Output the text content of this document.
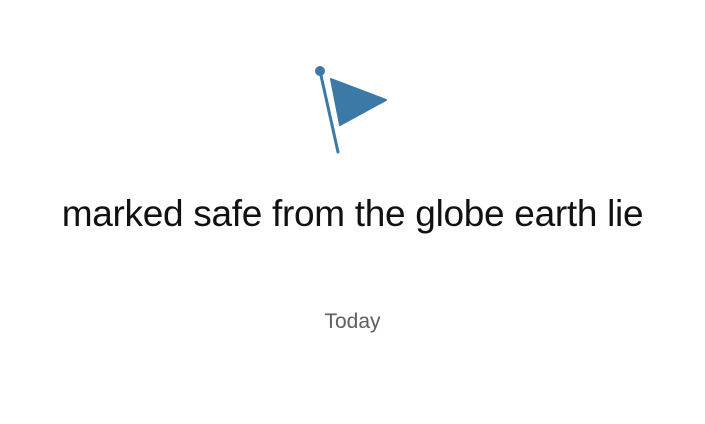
marked safe from the globe earth lie
Today
